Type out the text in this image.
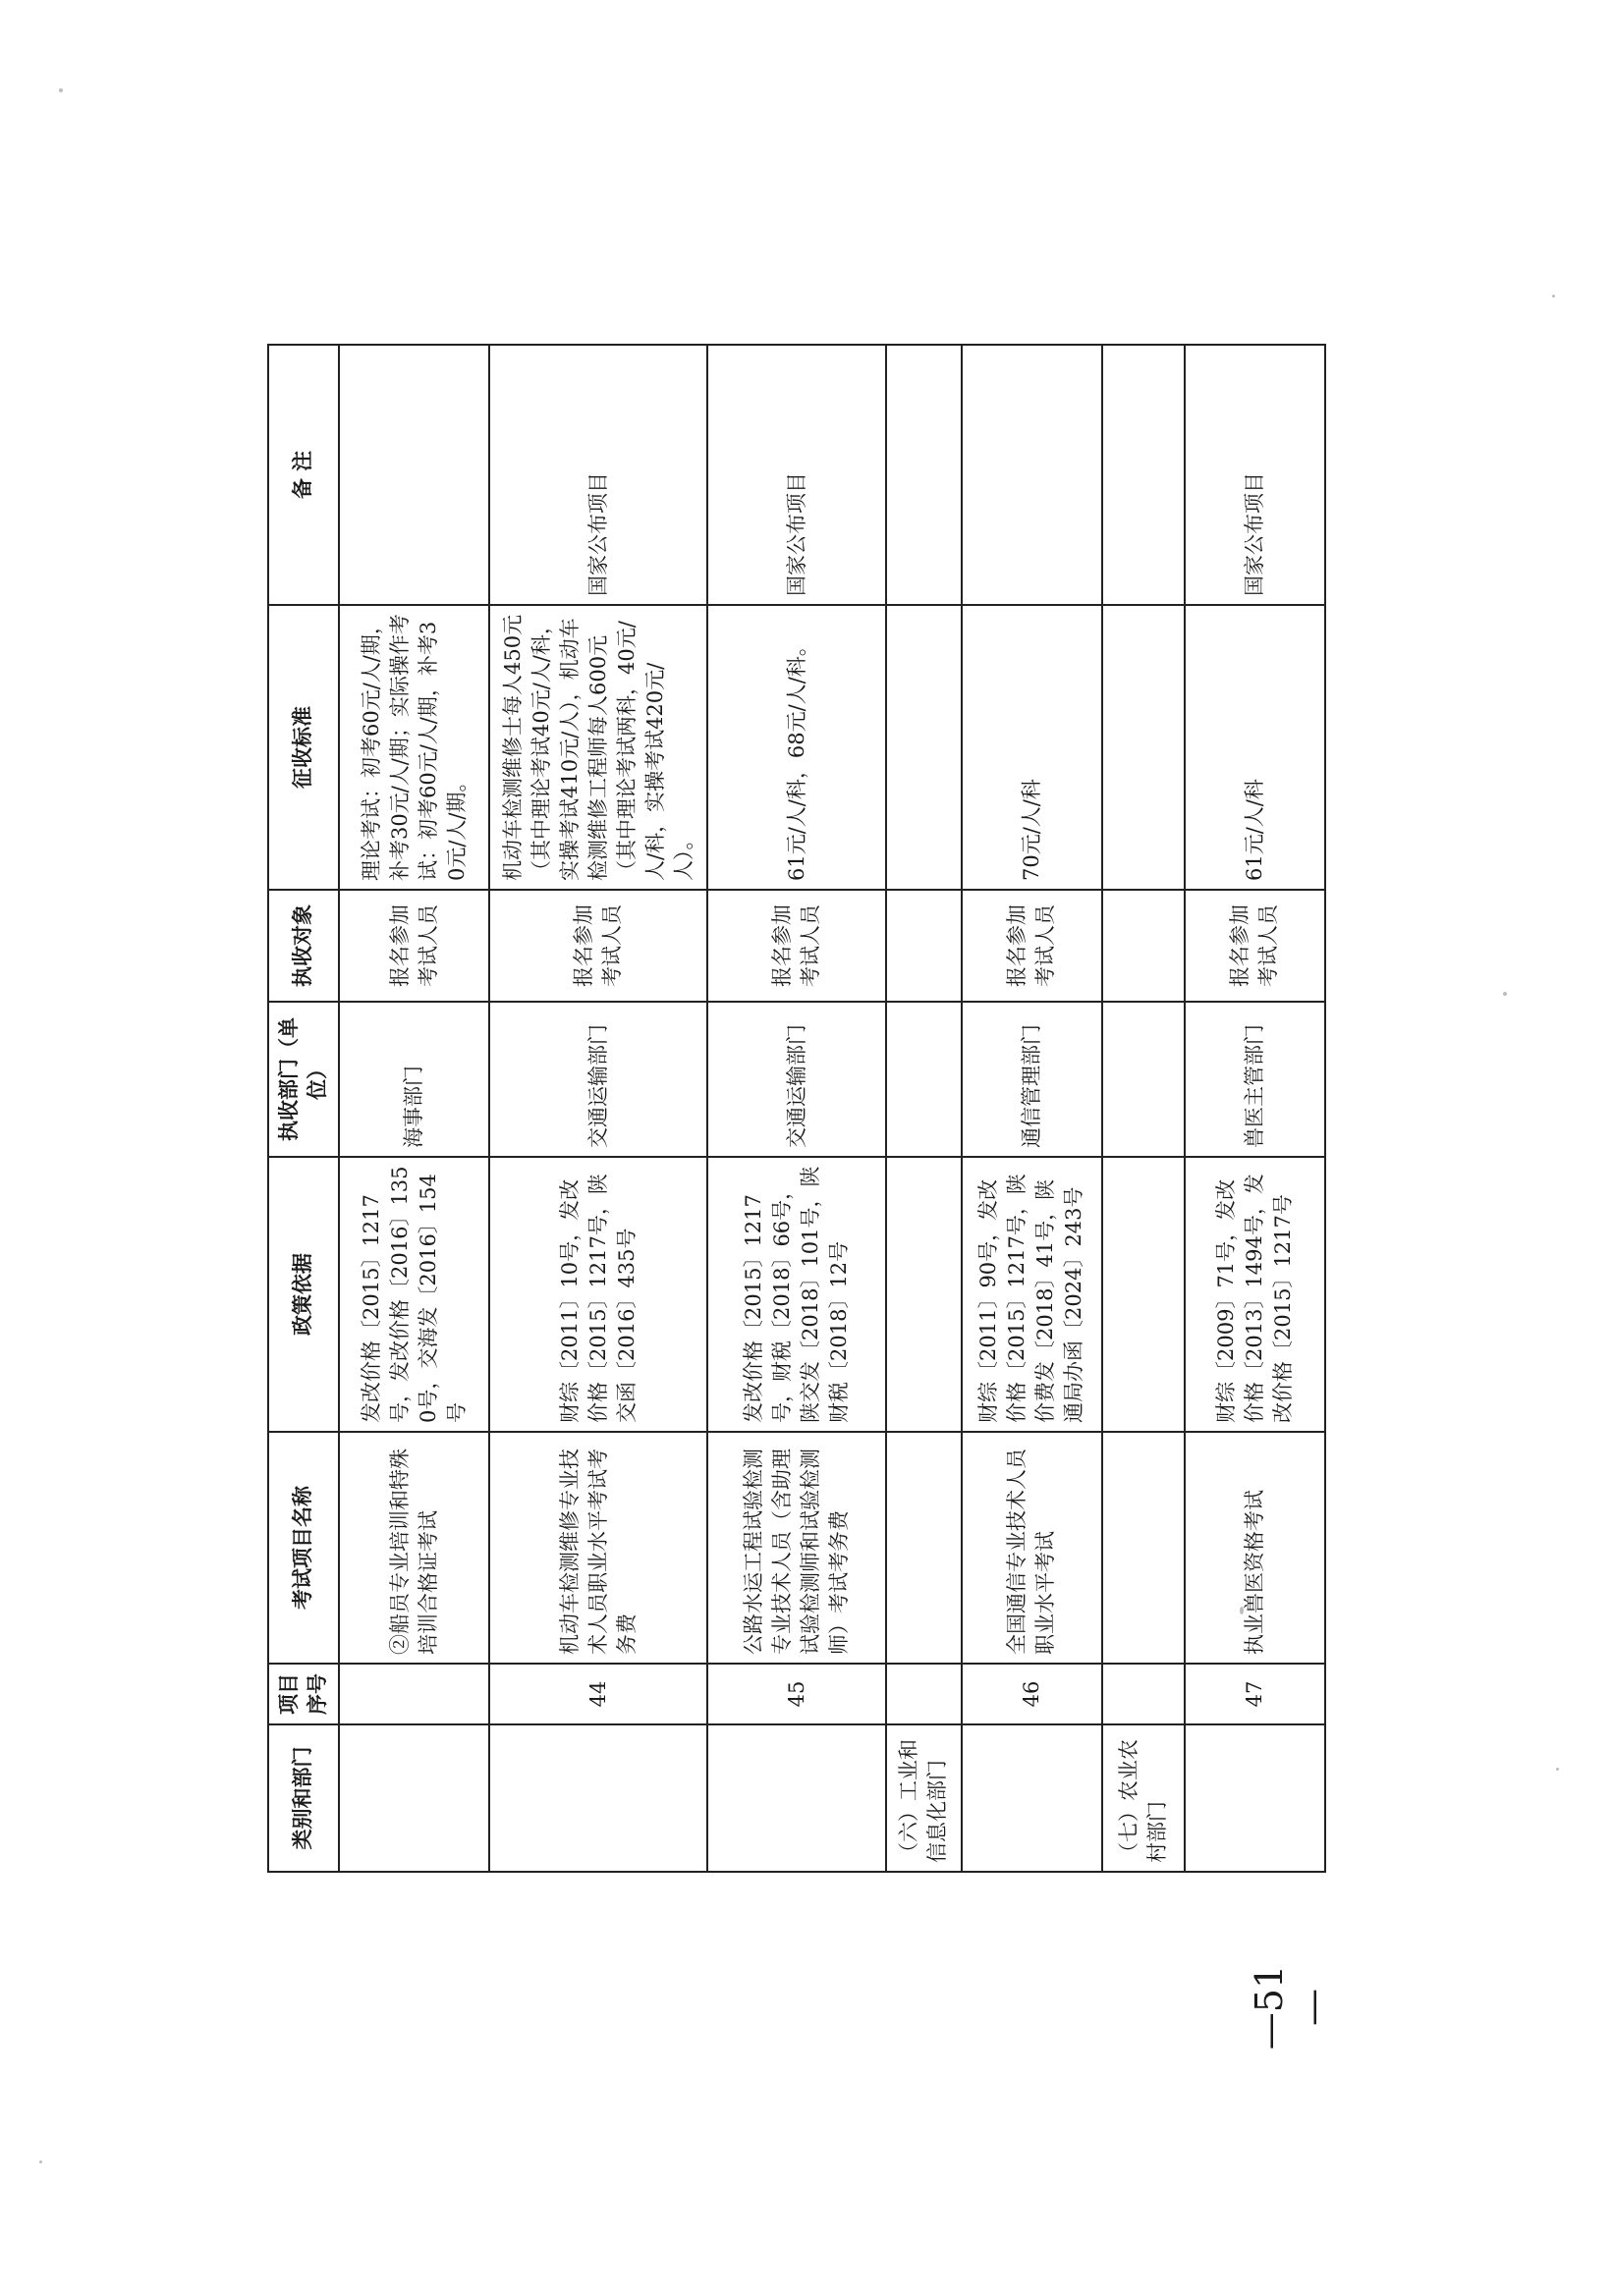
类别和部门	项目序号	考试项目名称	政策依据	执收部门（单位）	执收对象	征收标准	备 注
		②船员专业培训和特殊培训合格证考试	发改价格〔2015〕1217号，发改价格〔2016〕1350号，交海发〔2016〕154号	海事部门	报名参加考试人员	理论考试：初考60元/人/期，补考30元/人/期；实际操作考试：初考60元/人/期，补考30元/人/期。	
	44	机动车检测维修专业技术人员职业水平考试考务费	财综〔2011〕10号，发改价格〔2015〕1217号，陕交函〔2016〕435号	交通运输部门	报名参加考试人员	机动车检测维修士每人450元（其中理论考试40元/人/科，实操考试410元/人），机动车检测维修工程师每人600元（其中理论考试两科，40元/人/科，实操考试420元/人）。	国家公布项目
	45	公路水运工程试验检测专业技术人员（含助理试验检测师和试验检测师）考试考务费	发改价格〔2015〕1217号，财税〔2018〕66号，陕交发〔2018〕101号，陕财税〔2018〕12号	交通运输部门	报名参加考试人员	61元/人/科，68元/人/科。	国家公布项目
（六）工业和信息化部门							
	46	全国通信专业技术人员职业水平考试	财综〔2011〕90号，发改价格〔2015〕1217号，陕价费发〔2018〕41号，陕通局办函〔2024〕243号	通信管理部门	报名参加考试人员	70元/人/科	
（七）农业农村部门							
	47	执业兽医资格考试	财综〔2009〕71号，发改价格〔2013〕1494号，发改价格〔2015〕1217号	兽医主管部门	报名参加考试人员	61元/人/科	国家公布项目
—51—
